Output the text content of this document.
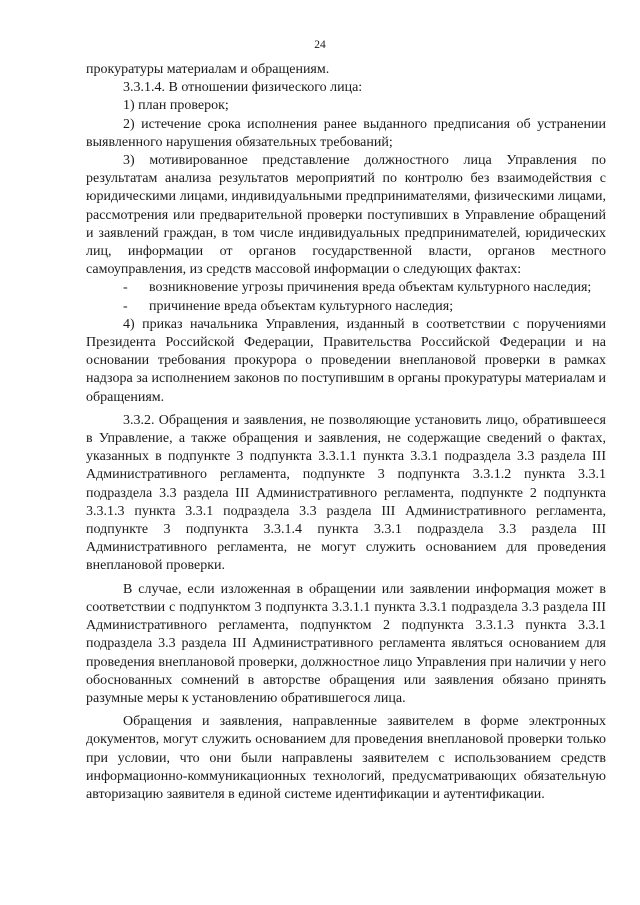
24

прокуратуры материалам и обращениям.

3.3.1.4. В отношении физического лица:

1) план проверок;

2) истечение срока исполнения ранее выданного предписания об устранении выявленного нарушения обязательных требований;

3) мотивированное представление должностного лица Управления по результатам анализа результатов мероприятий по контролю без взаимодействия с юридическими лицами, индивидуальными предпринимателями, физическими лицами, рассмотрения или предварительной проверки поступивших в Управление обращений и заявлений граждан, в том числе индивидуальных предпринимателей, юридических лиц, информации от органов государственной власти, органов местного самоуправления, из средств массовой информации о следующих фактах:

- возникновение угрозы причинения вреда объектам культурного наследия;

- причинение вреда объектам культурного наследия;

4) приказ начальника Управления, изданный в соответствии с поручениями Президента Российской Федерации, Правительства Российской Федерации и на основании требования прокурора о проведении внеплановой проверки в рамках надзора за исполнением законов по поступившим в органы прокуратуры материалам и обращениям.

3.3.2. Обращения и заявления, не позволяющие установить лицо, обратившееся в Управление, а также обращения и заявления, не содержащие сведений о фактах, указанных в подпункте 3 подпункта 3.3.1.1 пункта 3.3.1 подраздела 3.3 раздела III Административного регламента, подпункте 3 подпункта 3.3.1.2 пункта 3.3.1 подраздела 3.3 раздела III Административного регламента, подпункте 2 подпункта 3.3.1.3 пункта 3.3.1 подраздела 3.3 раздела III Административного регламента, подпункте 3 подпункта 3.3.1.4 пункта 3.3.1 подраздела 3.3 раздела III Административного регламента, не могут служить основанием для проведения внеплановой проверки.

В случае, если изложенная в обращении или заявлении информация может в соответствии с подпунктом 3 подпункта 3.3.1.1 пункта 3.3.1 подраздела 3.3 раздела III Административного регламента, подпунктом 2 подпункта 3.3.1.3 пункта 3.3.1 подраздела 3.3 раздела III Административного регламента являться основанием для проведения внеплановой проверки, должностное лицо Управления при наличии у него обоснованных сомнений в авторстве обращения или заявления обязано принять разумные меры к установлению обратившегося лица.

Обращения и заявления, направленные заявителем в форме электронных документов, могут служить основанием для проведения внеплановой проверки только при условии, что они были направлены заявителем с использованием средств информационно-коммуникационных технологий, предусматривающих обязательную авторизацию заявителя в единой системе идентификации и аутентификации.
